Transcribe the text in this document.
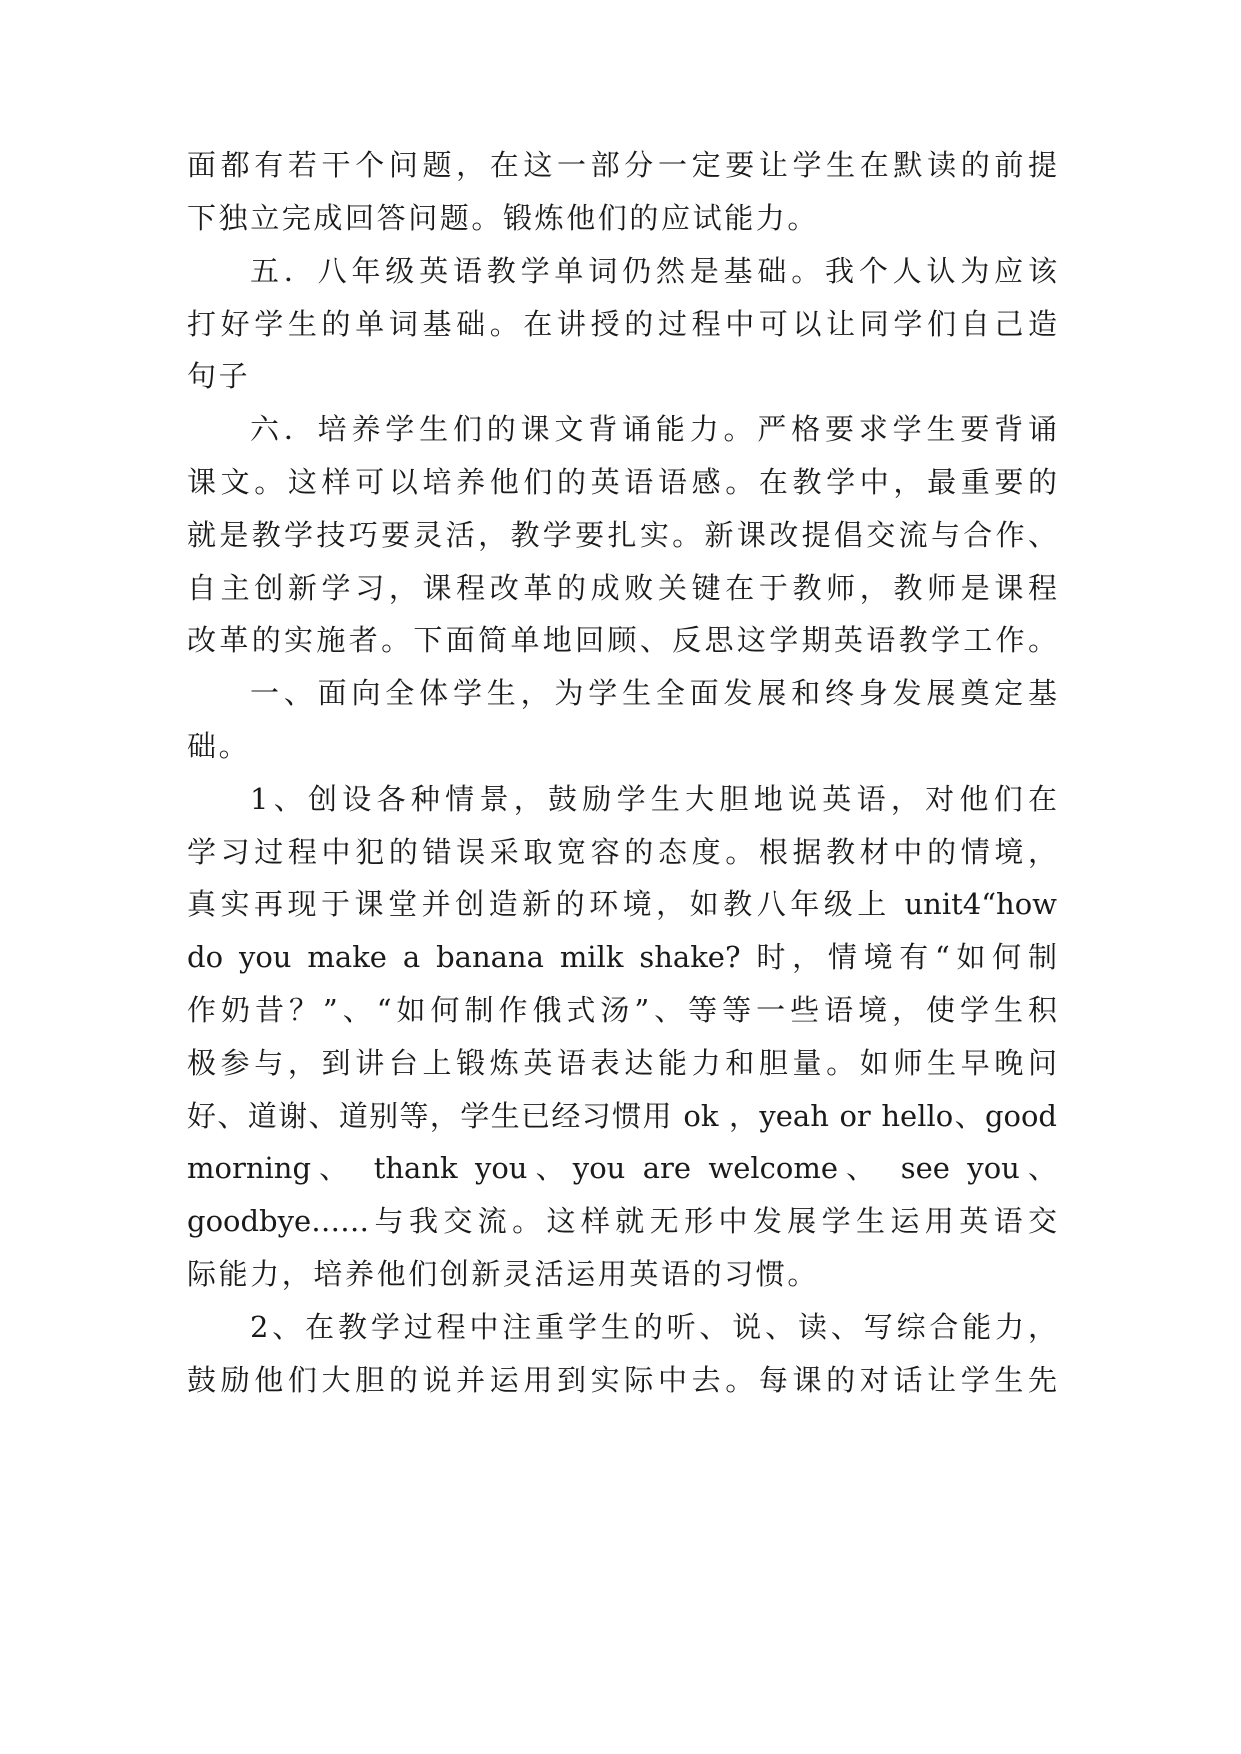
面都有若干个问题，在这一部分一定要让学生在默读的前提
下独立完成回答问题。锻炼他们的应试能力。
五．八年级英语教学单词仍然是基础。我个人认为应该
打好学生的单词基础。在讲授的过程中可以让同学们自己造
句子
六．培养学生们的课文背诵能力。严格要求学生要背诵
课文。这样可以培养他们的英语语感。在教学中，最重要的
就是教学技巧要灵活，教学要扎实。新课改提倡交流与合作、
自主创新学习，课程改革的成败关键在于教师，教师是课程
改革的实施者。下面简单地回顾、反思这学期英语教学工作。
一、面向全体学生，为学生全面发展和终身发展奠定基
础。
1、创设各种情景，鼓励学生大胆地说英语，对他们在
学习过程中犯的错误采取宽容的态度。根据教材中的情境，
真实再现于课堂并创造新的环境，如教八年级上 unit4“how
do you make a banana milk shake? 时，情境有“如何制
作奶昔？”、“如何制作俄式汤”、等等一些语境，使学生积
极参与，到讲台上锻炼英语表达能力和胆量。如师生早晚问
好、道谢、道别等，学生已经习惯用 ok ，yeah or hello、good
morning、 thank you、you are welcome、 see you、
goodbye……与我交流。这样就无形中发展学生运用英语交
际能力，培养他们创新灵活运用英语的习惯。
2、在教学过程中注重学生的听、说、读、写综合能力，
鼓励他们大胆的说并运用到实际中去。每课的对话让学生先
